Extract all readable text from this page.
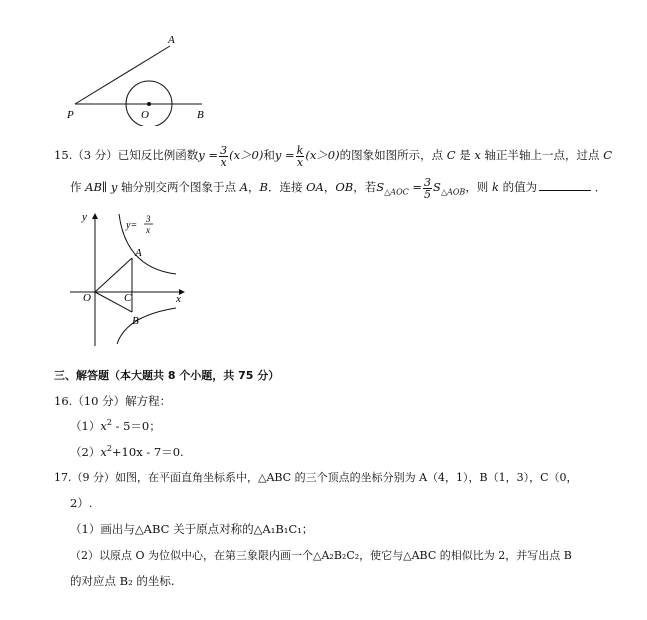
A
P	O	B
15.（3 分）已知反比例函数$y = \frac{3}{x} (x>0)$和$y = \frac{k}{x} (x>0)$的图象如图所示，点 C 是 x 轴正半轴上一点，过点 C
作 AB∥ y 轴分别交两个图象于点 A，B．连接 OA，OB，若$S_{\triangle AOC} = \frac{3}{5} S_{\triangle AOB}$，则 k 的值为	．
y
x
y=
3
x
A
B
O	C
三、解答题（本大题共 8 个小题，共 75 分）
16.（10 分）解方程：
$(1)x^2 - 5=0$；
$(2)x^2+10x - 7=0$.
17.（9 分）如图，在平面直角坐标系中，△ABC 的三个顶点的坐标分别为 A（4，1），B（1，3），C（0，
2）.
（1）画出与△ABC 关于原点对称的△A₁B₁C₁；
（2）以原点 O 为位似中心，在第三象限内画一个△A₂B₂C₂，使它与△ABC 的相似比为 2，并写出点 B
的对应点 B₂ 的坐标.
